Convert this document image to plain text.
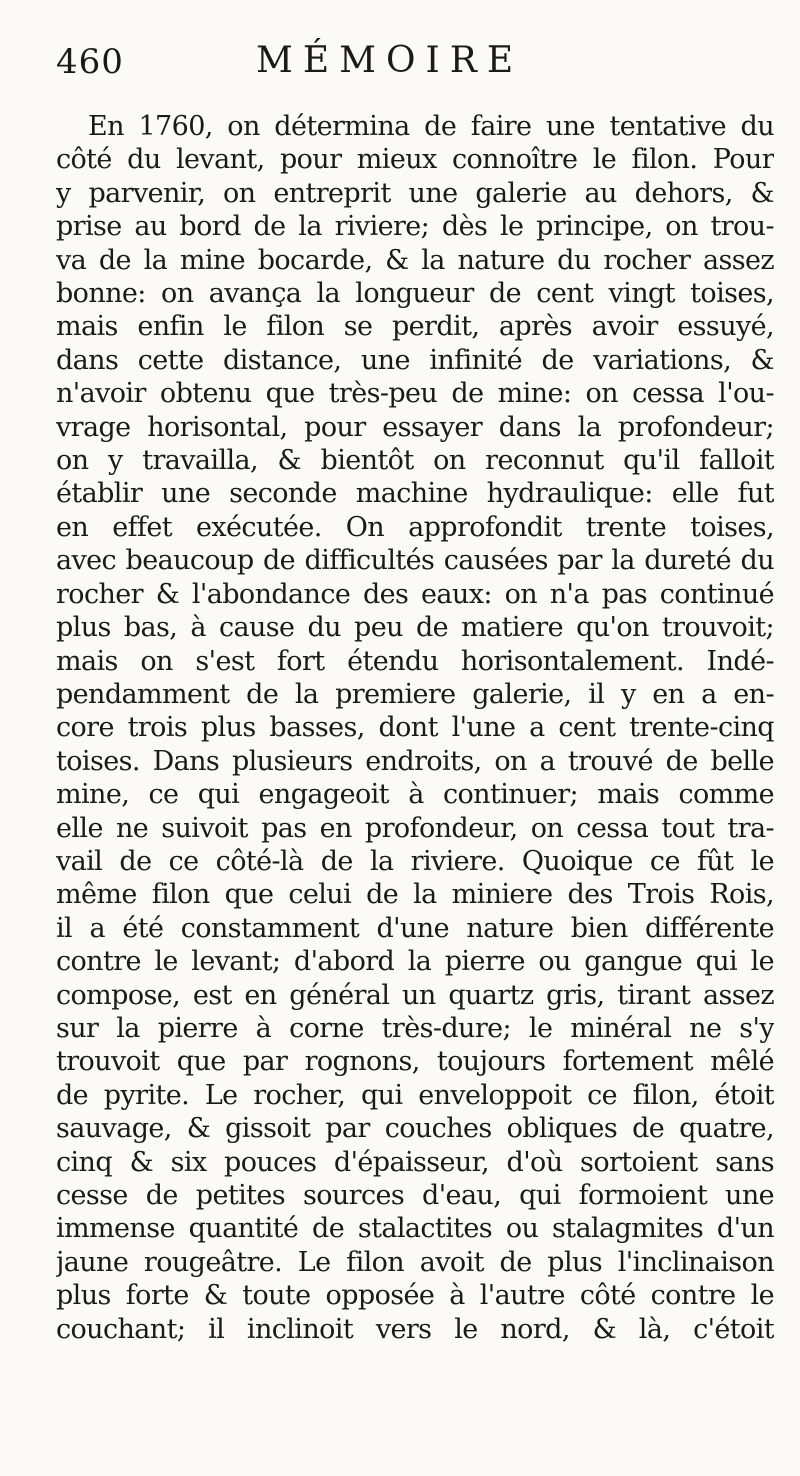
460	MÉMOIRE
En 1760, on détermina de faire une tentative du
côté du levant, pour mieux connoître le filon. Pour
y parvenir, on entreprit une galerie au dehors, &
prise au bord de la riviere; dès le principe, on trou-
va de la mine bocarde, & la nature du rocher assez
bonne: on avança la longueur de cent vingt toises,
mais enfin le filon se perdit, après avoir essuyé,
dans cette distance, une infinité de variations, &
n'avoir obtenu que très-peu de mine: on cessa l'ou-
vrage horisontal, pour essayer dans la profondeur;
on y travailla, & bientôt on reconnut qu'il falloit
établir une seconde machine hydraulique: elle fut
en effet exécutée. On approfondit trente toises,
avec beaucoup de difficultés causées par la dureté du
rocher & l'abondance des eaux: on n'a pas continué
plus bas, à cause du peu de matiere qu'on trouvoit;
mais on s'est fort étendu horisontalement. Indé-
pendamment de la premiere galerie, il y en a en-
core trois plus basses, dont l'une a cent trente-cinq
toises. Dans plusieurs endroits, on a trouvé de belle
mine, ce qui engageoit à continuer; mais comme
elle ne suivoit pas en profondeur, on cessa tout tra-
vail de ce côté-là de la riviere. Quoique ce fût le
même filon que celui de la miniere des Trois Rois,
il a été constamment d'une nature bien différente
contre le levant; d'abord la pierre ou gangue qui le
compose, est en général un quartz gris, tirant assez
sur la pierre à corne très-dure; le minéral ne s'y
trouvoit que par rognons, toujours fortement mêlé
de pyrite. Le rocher, qui enveloppoit ce filon, étoit
sauvage, & gissoit par couches obliques de quatre,
cinq & six pouces d'épaisseur, d'où sortoient sans
cesse de petites sources d'eau, qui formoient une
immense quantité de stalactites ou stalagmites d'un
jaune rougeâtre. Le filon avoit de plus l'inclinaison
plus forte & toute opposée à l'autre côté contre le
couchant; il inclinoit vers le nord, & là, c'étoit
